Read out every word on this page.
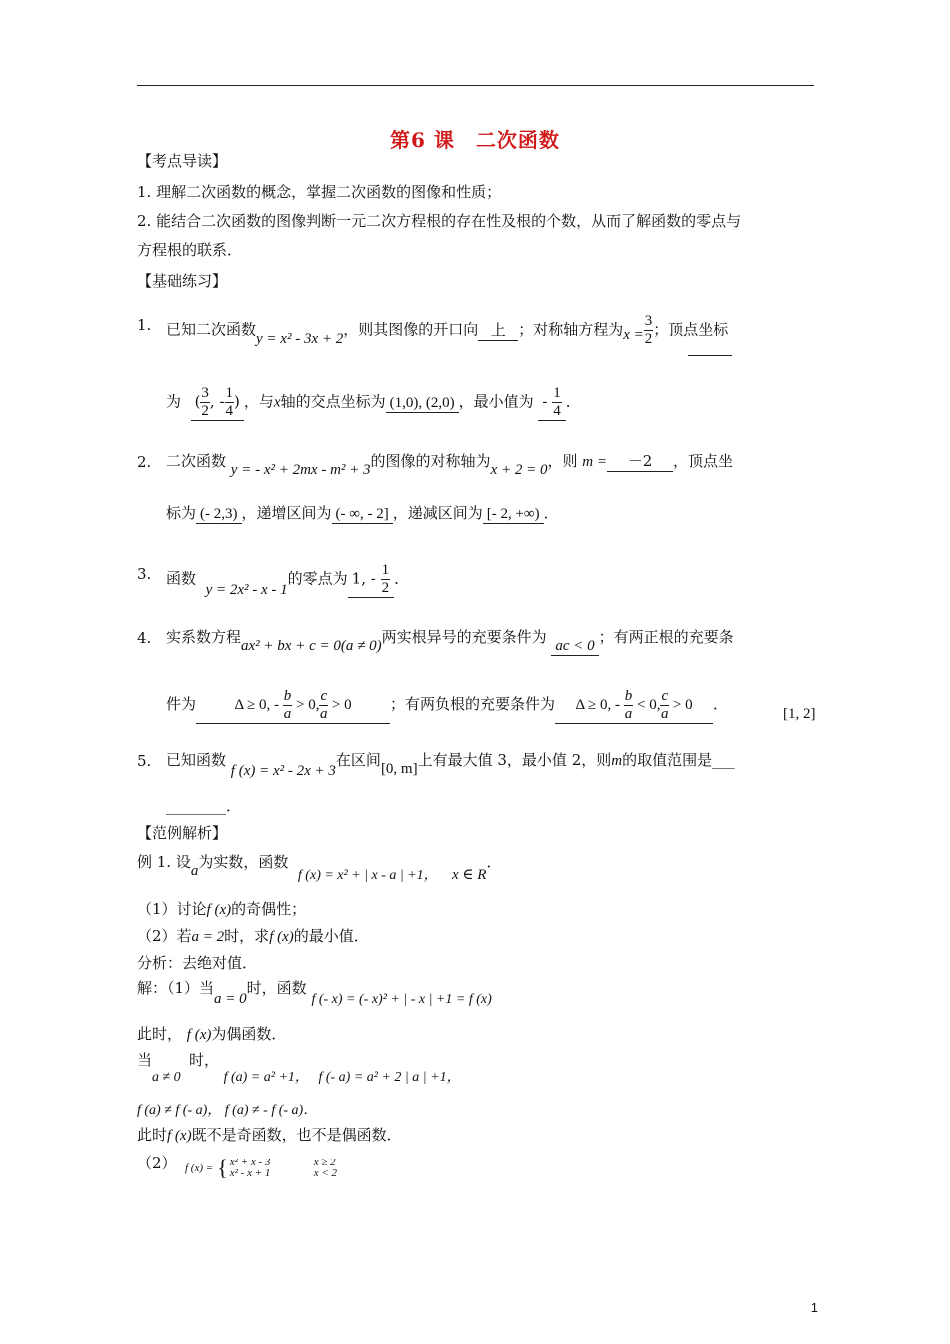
第6 课　二次函数
【考点导读】
1. 理解二次函数的概念，掌握二次函数的图像和性质；
2. 能结合二次函数的图像判断一元二次方程根的存在性及根的个数，从而了解函数的零点与
方程根的联系．
【基础练习】
1. 已知二次函数y = x² - 3x + 2，则其图像的开口向 上 ；对称轴方程为$x = \frac{3}{2}$ ；顶点坐标
为 ( $\frac{3}{2}$ , - $\frac{1}{4}$ ) ，与x轴的交点坐标为 (1,0), (2,0) ，最小值为 - $\frac{1}{4}$ ．
2. 二次函数 y = - x² + 2mx - m² + 3的图像的对称轴为x + 2 = 0，则 m = －2 ，顶点坐
标为 (- 2,3) ，递增区间为 (- ∞, - 2] ，递减区间为 [- 2, +∞) ．
3. 函数  y = 2x² - x - 1的零点为 1, - $\frac{1}{2}$ ．
4. 实系数方程ax² + bx + c = 0(a ≠ 0)两实根异号的充要条件为 ac < 0 ；有两正根的充要条
件为	Δ ≥ 0, - $\frac{b}{a} > 0$, $\frac{c}{a} > 0$	；有两负根的充要条件为 Δ ≥ 0, - $\frac{b}{a} < 0$, $\frac{c}{a} > 0$ ．
[1, 2]
5. 已知函数 f (x) = x² - 2x + 3在区间[0, m]上有最大值 3，最小值 2，则m的取值范围是___
________．
【范例解析】
例 1. 设a为实数，函数  f (x) = x² + | x - a | +1， x ∈ R．
（1）讨论f (x)的奇偶性；
（2）若a = 2时，求f (x)的最小值．
分析：去绝对值．
解：（1）当a = 0时，函数 f (- x) = (- x)² + | - x | +1 = f (x)
此时， f (x)为偶函数．
当	时，
a ≠ 0	f (a) = a² +1， f (- a) = a² + 2 | a | +1，
f (a) ≠ f (- a)， f (a) ≠ - f (- a)．
此时f (x)既不是奇函数，也不是偶函数．
（2） f (x) = { x² + x - 3	x ≥ 2
x² - x + 1	x < 2
1
